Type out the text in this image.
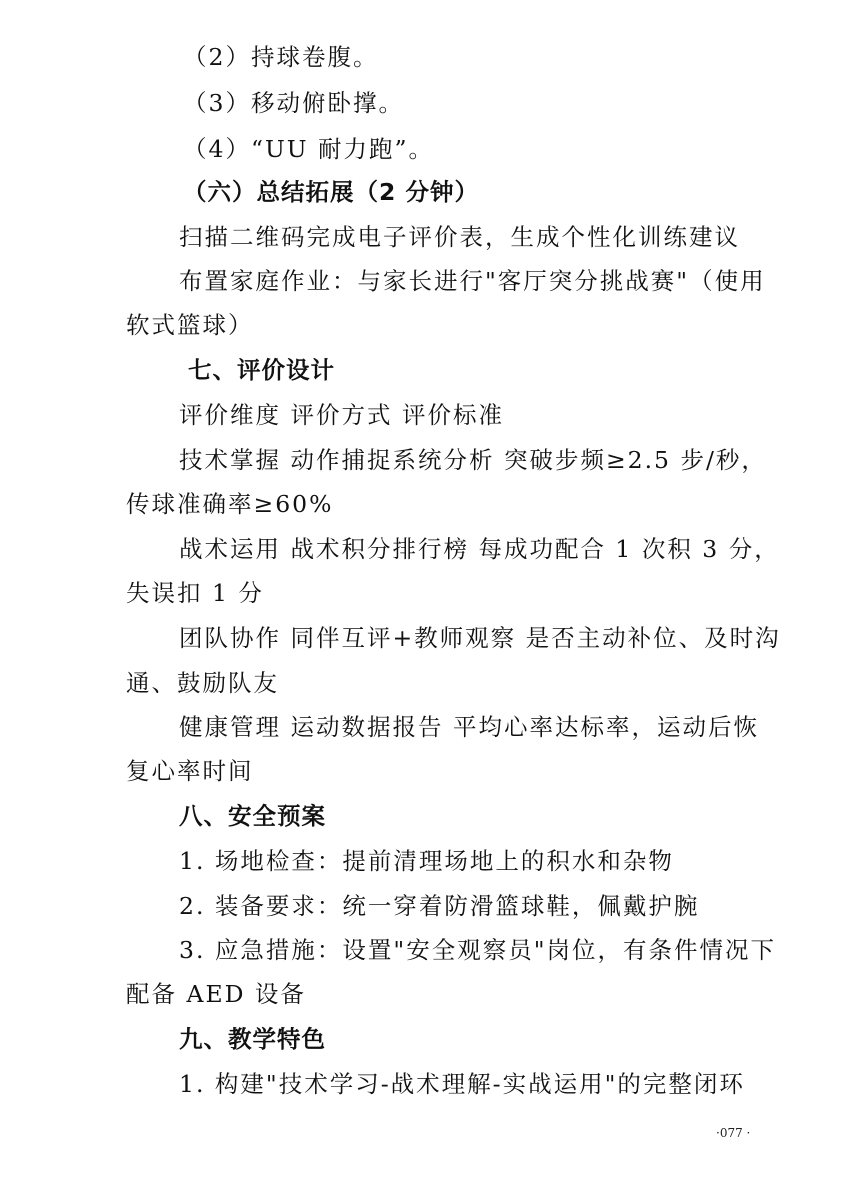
（2）持球卷腹。
（3）移动俯卧撑。
（4）“UU 耐力跑”。
（六）总结拓展（2 分钟）
扫描二维码完成电子评价表，生成个性化训练建议
布置家庭作业：与家长进行"客厅突分挑战赛"（使用
软式篮球）
七、评价设计
评价维度 评价方式 评价标准
技术掌握 动作捕捉系统分析 突破步频≥2.5 步/秒，
传球准确率≥60%
战术运用 战术积分排行榜 每成功配合 1 次积 3 分，
失误扣 1 分
团队协作 同伴互评+教师观察 是否主动补位、及时沟
通、鼓励队友
健康管理 运动数据报告 平均心率达标率，运动后恢
复心率时间
八、安全预案
1. 场地检查：提前清理场地上的积水和杂物
2. 装备要求：统一穿着防滑篮球鞋，佩戴护腕
3. 应急措施：设置"安全观察员"岗位，有条件情况下
配备 AED 设备
九、教学特色
1. 构建"技术学习-战术理解-实战运用"的完整闭环
·077 ·
